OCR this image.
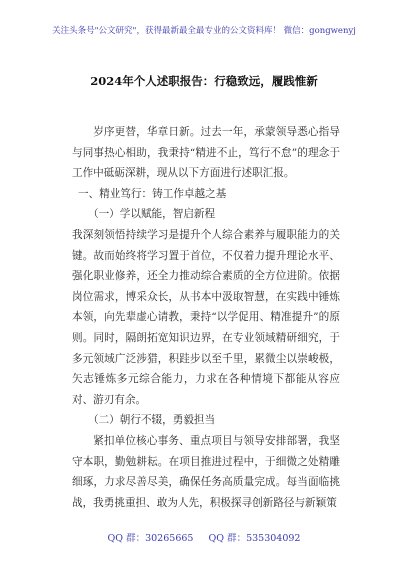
关注头条号"公文研究"，获得最新最全最专业的公文资料库！ 微信：gongwenyj
2024年个人述职报告：行稳致远，履践惟新

岁序更替，华章日新。过去一年，承蒙领导悉心指导与同事热心相助，我秉持“精进不止，笃行不怠”的理念于工作中砥砺深耕，现从以下方面进行述职汇报。

一、精业笃行：铸工作卓越之基

（一）学以赋能，智启新程

我深刻领悟持续学习是提升个人综合素养与履职能力的关键。故而始终将学习置于首位，不仅着力提升理论水平、强化职业修养，还全力推动综合素质的全方位进阶。依据岗位需求，博采众长，从书本中汲取智慧，在实践中锤炼本领，向先辈虚心请教，秉持“以学促用、精准提升”的原则。同时，隔朗拓宽知识边界，在专业领域精研细究，于多元领域广泛涉猎，积跬步以至千里，累微尘以崇峻极，矢志锤炼多元综合能力，力求在各种情境下都能从容应对、游刃有余。

（二）朝行不辍，勇毅担当

紧扣单位核心事务、重点项目与领导安排部署，我坚守本职，勤勉耕耘。在项目推进过程中，于细微之处精雕细琢，力求尽善尽美，确保任务高质量完成。每当面临挑战，我勇挑重担、敢为人先，积极探寻创新路径与新颖策

QQ 群：30265665 QQ 群：535304092
